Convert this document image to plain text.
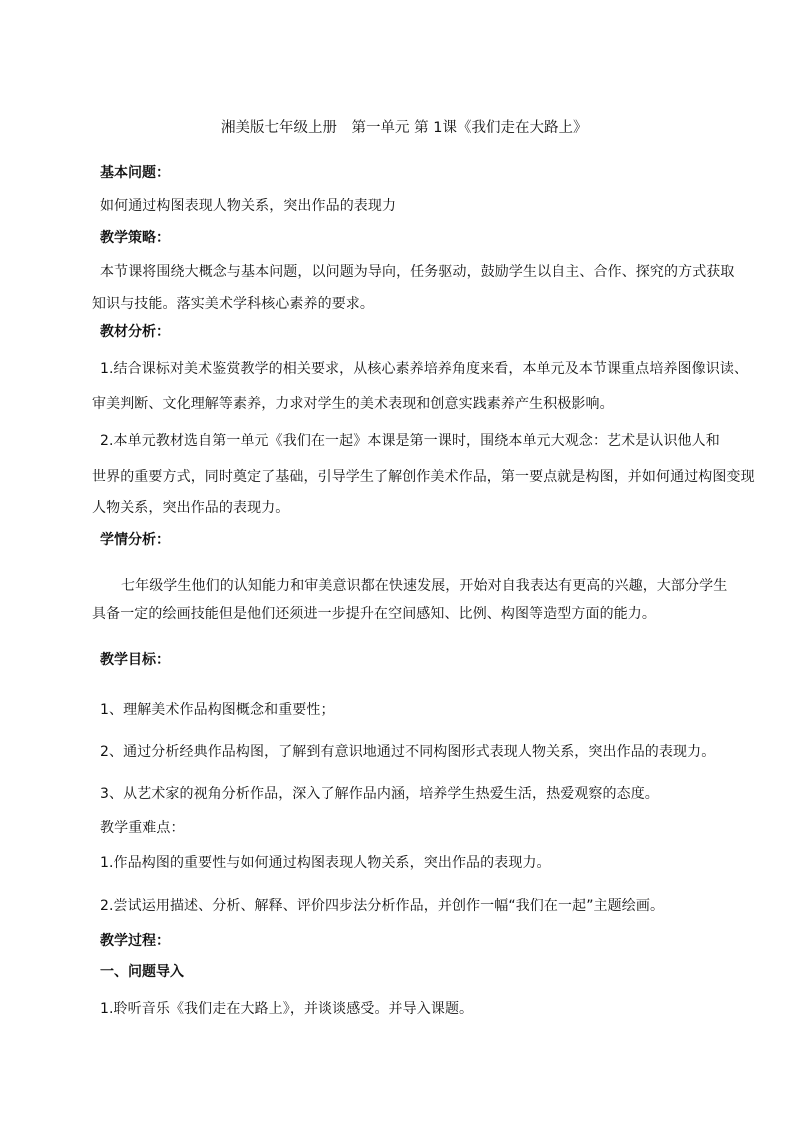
湘美版七年级上册　第一单元 第 1课《我们走在大路上》
基本问题：
如何通过构图表现人物关系，突出作品的表现力
教学策略：
本节课将围绕大概念与基本问题，以问题为导向，任务驱动，鼓励学生以自主、合作、探究的方式获取
知识与技能。落实美术学科核心素养的要求。
教材分析：
1.结合课标对美术鉴赏教学的相关要求，从核心素养培养角度来看，本单元及本节课重点培养图像识读、
审美判断、文化理解等素养，力求对学生的美术表现和创意实践素养产生积极影响。
2.本单元教材选自第一单元《我们在一起》本课是第一课时，围绕本单元大观念：艺术是认识他人和
世界的重要方式，同时奠定了基础，引导学生了解创作美术作品，第一要点就是构图，并如何通过构图变现
人物关系，突出作品的表现力。
学情分析：
七年级学生他们的认知能力和审美意识都在快速发展，开始对自我表达有更高的兴趣，大部分学生
具备一定的绘画技能但是他们还须进一步提升在空间感知、比例、构图等造型方面的能力。
教学目标：
1、理解美术作品构图概念和重要性；
2、通过分析经典作品构图，了解到有意识地通过不同构图形式表现人物关系，突出作品的表现力。
3、从艺术家的视角分析作品，深入了解作品内涵，培养学生热爱生活，热爱观察的态度。
教学重难点：
1.作品构图的重要性与如何通过构图表现人物关系，突出作品的表现力。
2.尝试运用描述、分析、解释、评价四步法分析作品，并创作一幅“我们在一起”主题绘画。
教学过程：
一、问题导入
1.聆听音乐《我们走在大路上》，并谈谈感受。并导入课题。
